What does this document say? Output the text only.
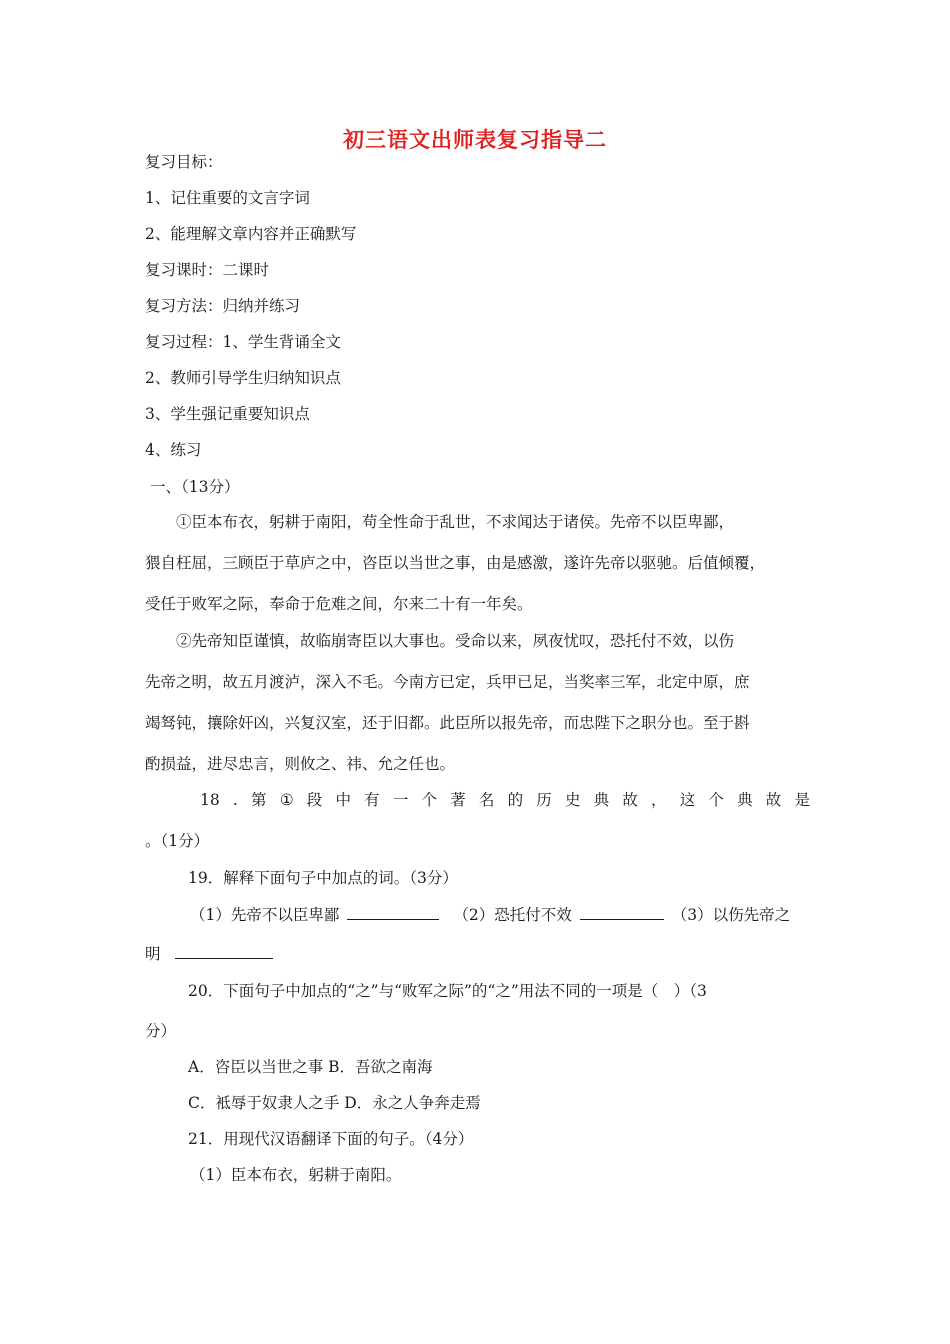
初三语文出师表复习指导二
复习目标：
1、记住重要的文言字词
2、能理解文章内容并正确默写
复习课时：二课时
复习方法：归纳并练习
复习过程：1、学生背诵全文
2、教师引导学生归纳知识点
3、学生强记重要知识点
4、练习
一、（13分）
①臣本布衣，躬耕于南阳，苟全性命于乱世，不求闻达于诸侯。先帝不以臣卑鄙，
猥自枉屈，三顾臣于草庐之中，咨臣以当世之事，由是感激，遂许先帝以驱驰。后值倾覆，
受任于败军之际，奉命于危难之间，尔来二十有一年矣。
②先帝知臣谨慎，故临崩寄臣以大事也。受命以来，夙夜忧叹，恐托付不效，以伤
先帝之明，故五月渡泸，深入不毛。今南方已定，兵甲已足，当奖率三军，北定中原，庶
竭驽钝，攘除奸凶，兴复汉室，还于旧都。此臣所以报先帝，而忠陛下之职分也。至于斟
酌损益，进尽忠言，则攸之、祎、允之任也。
18 . 第 ① 段 中 有 一 个 著 名 的 历 史 典 故 ， 这 个 典 故 是
。（1分）
19．解释下面句子中加点的词。（3分）
（1）先帝不以臣卑鄙	（2）恐托付不效	（3）以伤先帝之
明
20．下面句子中加点的“之”与“败军之际”的“之”用法不同的一项是（　）（3
分）
A．咨臣以当世之事 B．吾欲之南海
C．袛辱于奴隶人之手 D．永之人争奔走焉
21．用现代汉语翻译下面的句子。（4分）
（1）臣本布衣，躬耕于南阳。
